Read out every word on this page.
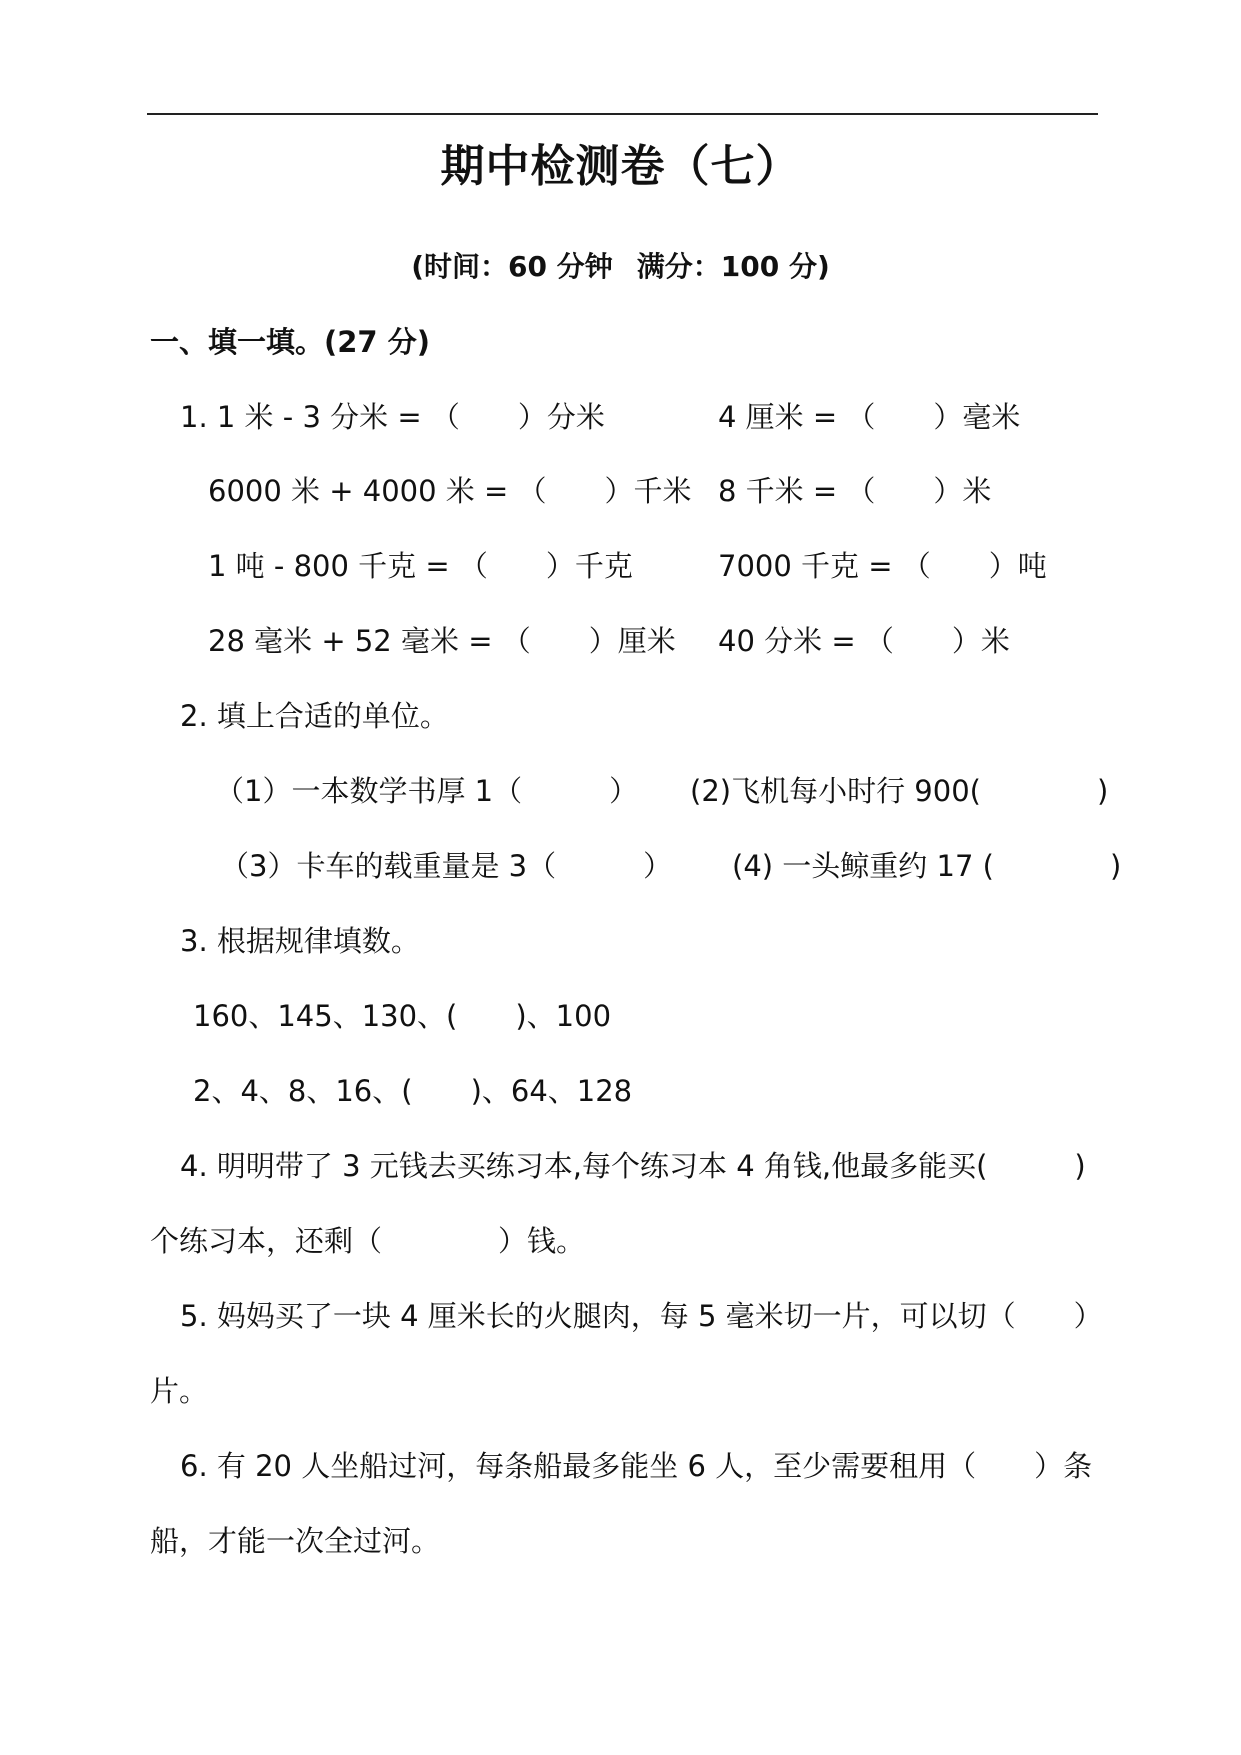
期中检测卷（七）
(时间：60 分钟 满分：100 分)
一、填一填。(27 分)
1. 1 米 - 3 分米 = （　　）分米	4 厘米 = （　　）毫米
6000 米 + 4000 米 = （　　）千米 8 千米 = （　　）米
1 吨 - 800 千克 = （　　）千克	7000 千克 = （　　）吨
28 毫米 + 52 毫米 = （　　）厘米 40 分米 = （　　）米
2. 填上合适的单位。
（1）一本数学书厚 1（　　　） (2)飞机每小时行 900(　　　　)
（3）卡车的载重量是 3（　　　） (4) 一头鲸重约 17 (　　　　)
3. 根据规律填数。
160、145、130、(　　)、100
2、4、8、16、(　　)、64、128
4. 明明带了 3 元钱去买练习本,每个练习本 4 角钱,他最多能买(　　　)
个练习本，还剩（　　　　）钱。
5. 妈妈买了一块 4 厘米长的火腿肉，每 5 毫米切一片，可以切（　　）
片。
6. 有 20 人坐船过河，每条船最多能坐 6 人，至少需要租用（　　）条
船，才能一次全过河。
